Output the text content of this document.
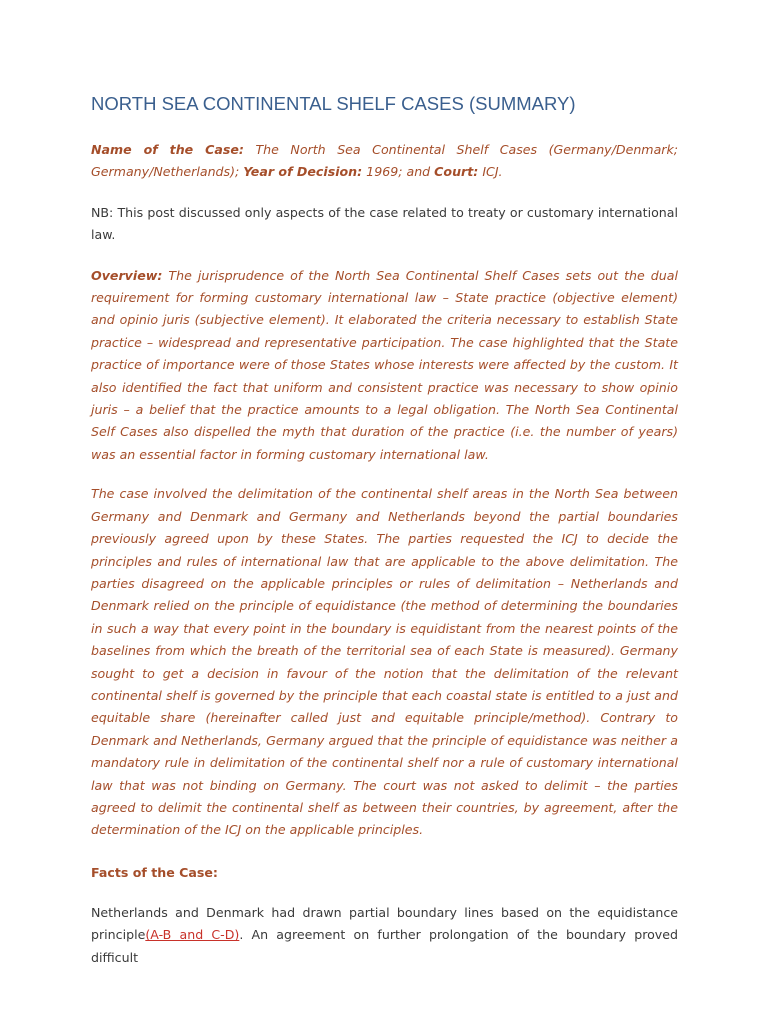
NORTH SEA CONTINENTAL SHELF CASES (SUMMARY)

Name of the Case: The North Sea Continental Shelf Cases (Germany/Denmark; Germany/Netherlands); Year of Decision: 1969; and Court: ICJ.

NB: This post discussed only aspects of the case related to treaty or customary international law.

Overview: The jurisprudence of the North Sea Continental Shelf Cases sets out the dual requirement for forming customary international law – State practice (objective element) and opinio juris (subjective element). It elaborated the criteria necessary to establish State practice – widespread and representative participation. The case highlighted that the State practice of importance were of those States whose interests were affected by the custom. It also identified the fact that uniform and consistent practice was necessary to show opinio juris – a belief that the practice amounts to a legal obligation. The North Sea Continental Self Cases also dispelled the myth that duration of the practice (i.e. the number of years) was an essential factor in forming customary international law.

The case involved the delimitation of the continental shelf areas in the North Sea between Germany and Denmark and Germany and Netherlands beyond the partial boundaries previously agreed upon by these States. The parties requested the ICJ to decide the principles and rules of international law that are applicable to the above delimitation. The parties disagreed on the applicable principles or rules of delimitation – Netherlands and Denmark relied on the principle of equidistance (the method of determining the boundaries in such a way that every point in the boundary is equidistant from the nearest points of the baselines from which the breath of the territorial sea of each State is measured). Germany sought to get a decision in favour of the notion that the delimitation of the relevant continental shelf is governed by the principle that each coastal state is entitled to a just and equitable share (hereinafter called just and equitable principle/method). Contrary to Denmark and Netherlands, Germany argued that the principle of equidistance was neither a mandatory rule in delimitation of the continental shelf nor a rule of customary international law that was not binding on Germany. The court was not asked to delimit – the parties agreed to delimit the continental shelf as between their countries, by agreement, after the determination of the ICJ on the applicable principles.

Facts of the Case:

Netherlands and Denmark had drawn partial boundary lines based on the equidistance principle(A-B and C-D). An agreement on further prolongation of the boundary proved difficult
